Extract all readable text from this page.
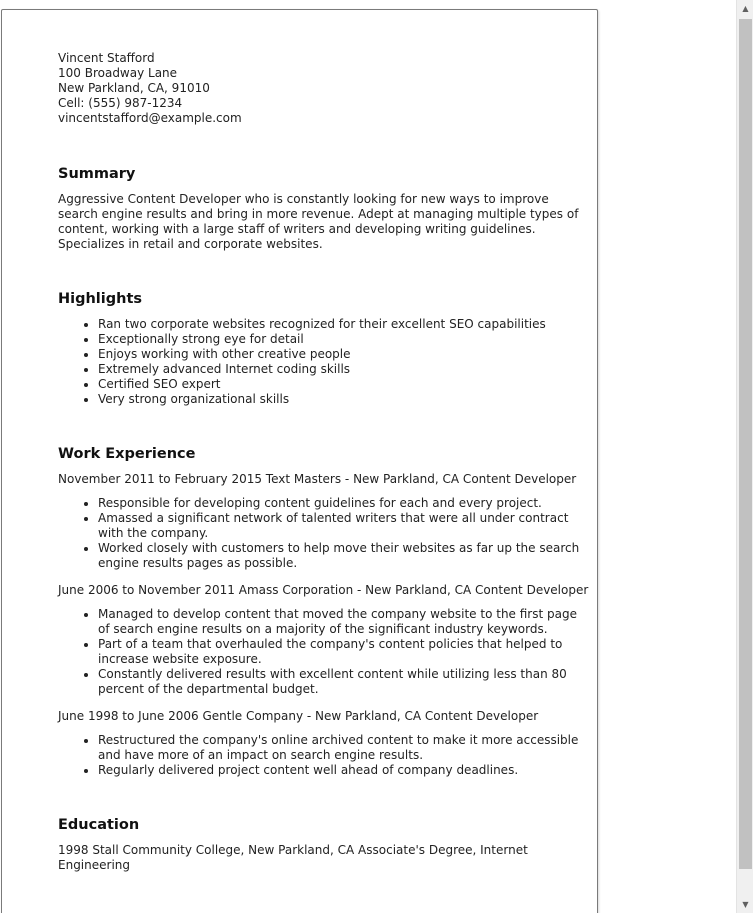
Vincent Stafford
100 Broadway Lane
New Parkland, CA, 91010
Cell: (555) 987-1234
vincentstafford@example.com
Summary
Aggressive Content Developer who is constantly looking for new ways to improve search engine results and bring in more revenue. Adept at managing multiple types of content, working with a large staff of writers and developing writing guidelines. Specializes in retail and corporate websites.
Highlights
• Ran two corporate websites recognized for their excellent SEO capabilities
• Exceptionally strong eye for detail
• Enjoys working with other creative people
• Extremely advanced Internet coding skills
• Certified SEO expert
• Very strong organizational skills
Work Experience
November 2011 to February 2015 Text Masters - New Parkland, CA Content Developer
• Responsible for developing content guidelines for each and every project.
• Amassed a significant network of talented writers that were all under contract with the company.
• Worked closely with customers to help move their websites as far up the search engine results pages as possible.
June 2006 to November 2011 Amass Corporation - New Parkland, CA Content Developer
• Managed to develop content that moved the company website to the first page of search engine results on a majority of the significant industry keywords.
• Part of a team that overhauled the company's content policies that helped to increase website exposure.
• Constantly delivered results with excellent content while utilizing less than 80 percent of the departmental budget.
June 1998 to June 2006 Gentle Company - New Parkland, CA Content Developer
• Restructured the company's online archived content to make it more accessible and have more of an impact on search engine results.
• Regularly delivered project content well ahead of company deadlines.
Education
1998 Stall Community College, New Parkland, CA Associate's Degree, Internet Engineering
▲
▼
